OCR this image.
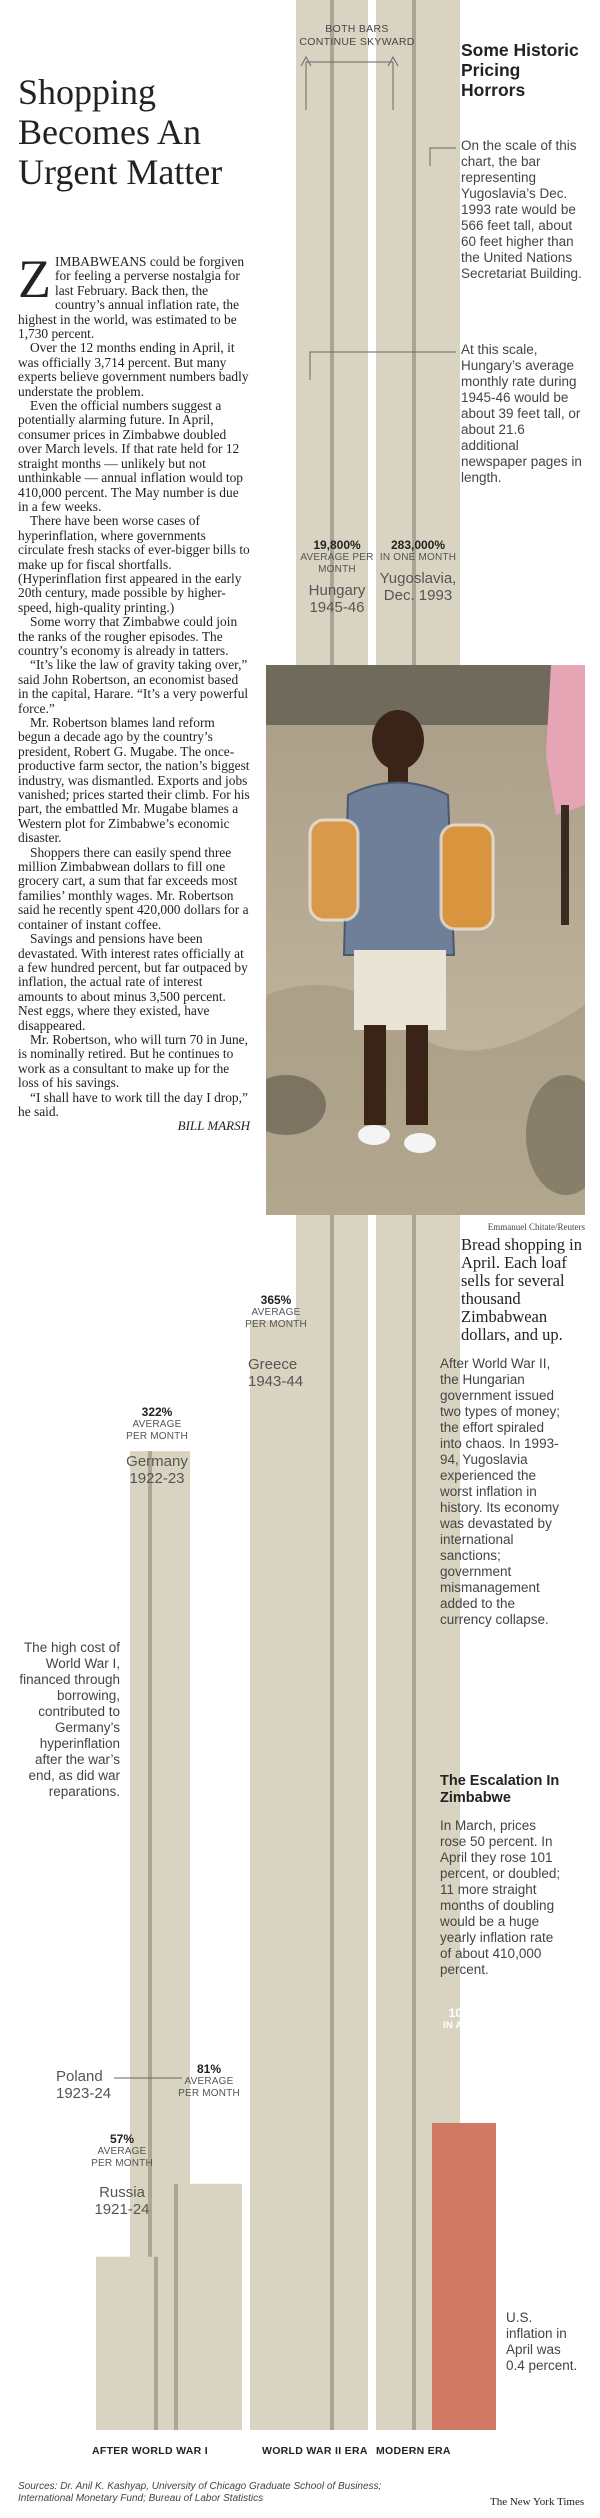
Shopping Becomes An Urgent Matter

ZIMBABWEANS could be forgiven for feeling a perverse nostalgia for last February. Back then, the country’s annual inflation rate, the highest in the world, was estimated to be 1,730 percent.

Over the 12 months ending in April, it was officially 3,714 percent. But many experts believe government numbers badly understate the problem.

Even the official numbers suggest a potentially alarming future. In April, consumer prices in Zimbabwe doubled over March levels. If that rate held for 12 straight months — unlikely but not unthinkable — annual inflation would top 410,000 percent. The May number is due in a few weeks.

There have been worse cases of hyperinflation, where governments circulate fresh stacks of ever-bigger bills to make up for fiscal shortfalls. (Hyperinflation first appeared in the early 20th century, made possible by higher-speed, high-quality printing.)

Some worry that Zimbabwe could join the ranks of the rougher episodes. The country’s economy is already in tatters.

“It’s like the law of gravity taking over,” said John Robertson, an economist based in the capital, Harare. “It’s a very powerful force.”

Mr. Robertson blames land reform begun a decade ago by the country’s president, Robert G. Mugabe. The once-productive farm sector, the nation’s biggest industry, was dismantled. Exports and jobs vanished; prices started their climb. For his part, the embattled Mr. Mugabe blames a Western plot for Zimbabwe’s economic disaster.

Shoppers there can easily spend three million Zimbabwean dollars to fill one grocery cart, a sum that far exceeds most families’ monthly wages. Mr. Robertson said he recently spent 420,000 dollars for a container of instant coffee.

Savings and pensions have been devastated. With interest rates officially at a few hundred percent, but far outpaced by inflation, the actual rate of interest amounts to about minus 3,500 percent. Nest eggs, where they existed, have disappeared.

Mr. Robertson, who will turn 70 in June, is nominally retired. But he continues to work as a consultant to make up for the loss of his savings.

“I shall have to work till the day I drop,” he said.

BILL MARSH
BOTH BARS CONTINUE SKYWARD	Some Historic Pricing Horrors
On the scale of this chart, the bar representing Yugoslavia’s Dec. 1993 rate would be 566 feet tall, about 60 feet higher than the United Nations Secretariat Building.
At this scale, Hungary’s average monthly rate during 1945-46 would be about 39 feet tall, or about 21.6 additional newspaper pages in length.
19,800%
AVERAGE PER MONTH
Hungary
1945-46
283,000%
IN ONE MONTH
Yugoslavia,
Dec. 1993
Emmanuel Chitate/Reuters
Bread shopping in April. Each loaf sells for several thousand Zimbabwean dollars, and up.
365%
AVERAGE PER MONTH
Greece
1943-44
322%
AVERAGE PER MONTH
Germany
1922-23
After World War II, the Hungarian government issued two types of money; the effort spiraled into chaos. In 1993-94, Yugoslavia experienced the worst inflation in history. Its economy was devastated by international sanctions; government mismanagement added to the currency collapse.
The high cost of World War I, financed through borrowing, contributed to Germany’s hyperinflation after the war’s end, as did war reparations.
The Escalation In Zimbabwe
In March, prices rose 50 percent. In April they rose 101 percent, or doubled; 11 more straight months of doubling would be a huge yearly inflation rate of about 410,000 percent.
101%
IN APRIL
81%
AVERAGE PER MONTH
Poland
1923-24
57%
AVERAGE PER MONTH
Russia
1921-24
U.S. inflation in April was 0.4 percent.
AFTER WORLD WAR I	WORLD WAR II ERA MODERN ERA
Sources: Dr. Anil K. Kashyap, University of Chicago Graduate School of Business; International Monetary Fund; Bureau of Labor Statistics	The New York Times
